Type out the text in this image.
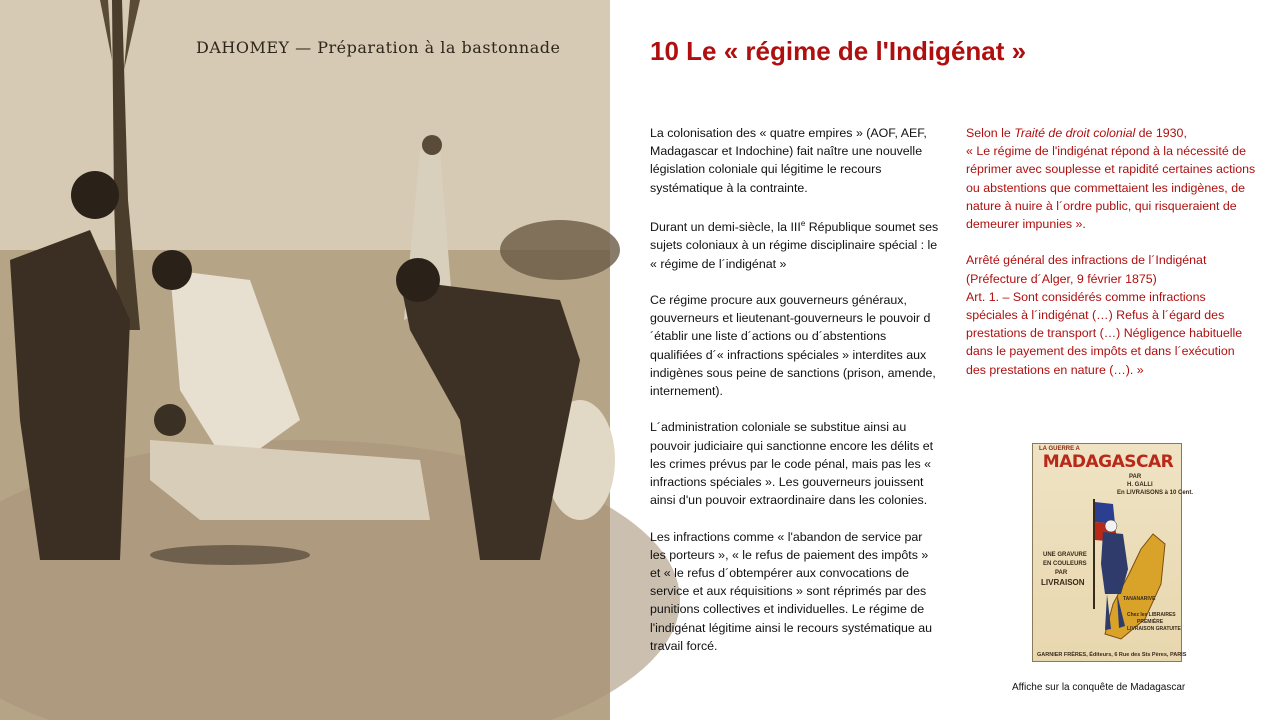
DAHOMEY — Préparation à la bastonnade	10 Le « régime de l'Indigénat »

La colonisation des « quatre empires » (AOF, AEF, Madagascar et Indochine) fait naître une nouvelle législation coloniale qui légitime le recours systématique à la contrainte.

Durant un demi-siècle, la IIIe République soumet ses sujets coloniaux à un régime disciplinaire spécial : le « régime de l´indigénat »

Ce régime procure aux gouverneurs généraux, gouverneurs et lieutenant-gouverneurs le pouvoir d´établir une liste d´actions ou d´abstentions qualifiées d´« infractions spéciales » interdites aux indigènes sous peine de sanctions (prison, amende, internement).

L´administration coloniale se substitue ainsi au pouvoir judiciaire qui sanctionne encore les délits et les crimes prévus par le code pénal, mais pas les « infractions spéciales ». Les gouverneurs jouissent ainsi d'un pouvoir extraordinaire dans les colonies.

Les infractions comme « l'abandon de service par les porteurs », « le refus de paiement des impôts » et « le refus d´obtempérer aux convocations de service et aux réquisitions » sont réprimés par des punitions collectives et individuelles. Le régime de l'indigénat légitime ainsi le recours systématique au travail forcé.

Selon le Traité de droit colonial de 1930,
« Le régime de l'indigénat répond à la nécessité de réprimer avec souplesse et rapidité certaines actions ou abstentions que commettaient les indigènes, de nature à nuire à l´ordre public, qui risqueraient de demeurer impunies ».

Arrêté général des infractions de l´Indigénat (Préfecture d´Alger, 9 février 1875)
Art. 1. – Sont considérés comme infractions spéciales à l´indigénat (…) Refus à l´égard des prestations de transport (…) Négligence habituelle dans le payement des impôts et dans l´exécution des prestations en nature (…). »

LA GUERRE A
MADAGASCAR
PAR
H. GALLI
En LIVRAISONS à 10 Cent.
UNE GRAVURE
EN COULEURS
PAR
LIVRAISON
TANANARIVE
Chez les LIBRAIRES
PREMIÈRE
LIVRAISON GRATUITE
GARNIER FRÈRES, Éditeurs, 6 Rue des Sts Pères, PARIS
Affiche sur la conquête de Madagascar
